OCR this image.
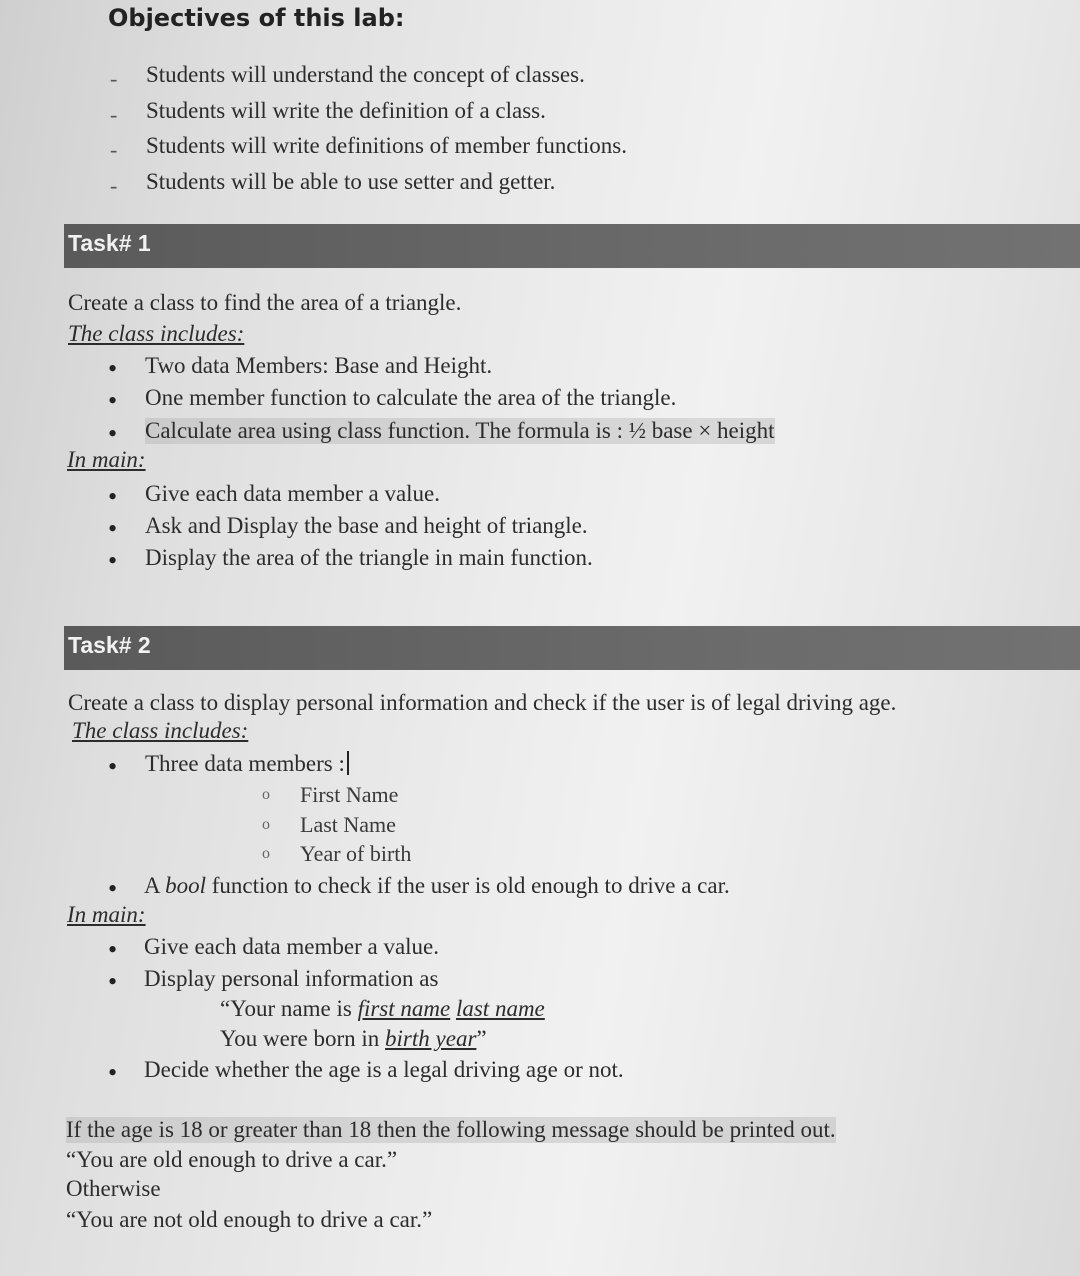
Objectives of this lab:
- Students will understand the concept of classes.
- Students will write the definition of a class.
- Students will write definitions of member functions.
- Students will be able to use setter and getter.
Task# 1
Create a class to find the area of a triangle.
The class includes:
• Two data Members: Base and Height.
• One member function to calculate the area of the triangle.
• Calculate area using class function. The formula is : ½ base × height
In main:
• Give each data member a value.
• Ask and Display the base and height of triangle.
• Display the area of the triangle in main function.
Task# 2
Create a class to display personal information and check if the user is of legal driving age.
The class includes:
• Three data members :
o First Name
o Last Name
o Year of birth
• A bool function to check if the user is old enough to drive a car.
In main:
• Give each data member a value.
• Display personal information as
“Your name is first name last name
You were born in birth year”
• Decide whether the age is a legal driving age or not.
If the age is 18 or greater than 18 then the following message should be printed out.
“You are old enough to drive a car.”
Otherwise
“You are not old enough to drive a car.”
